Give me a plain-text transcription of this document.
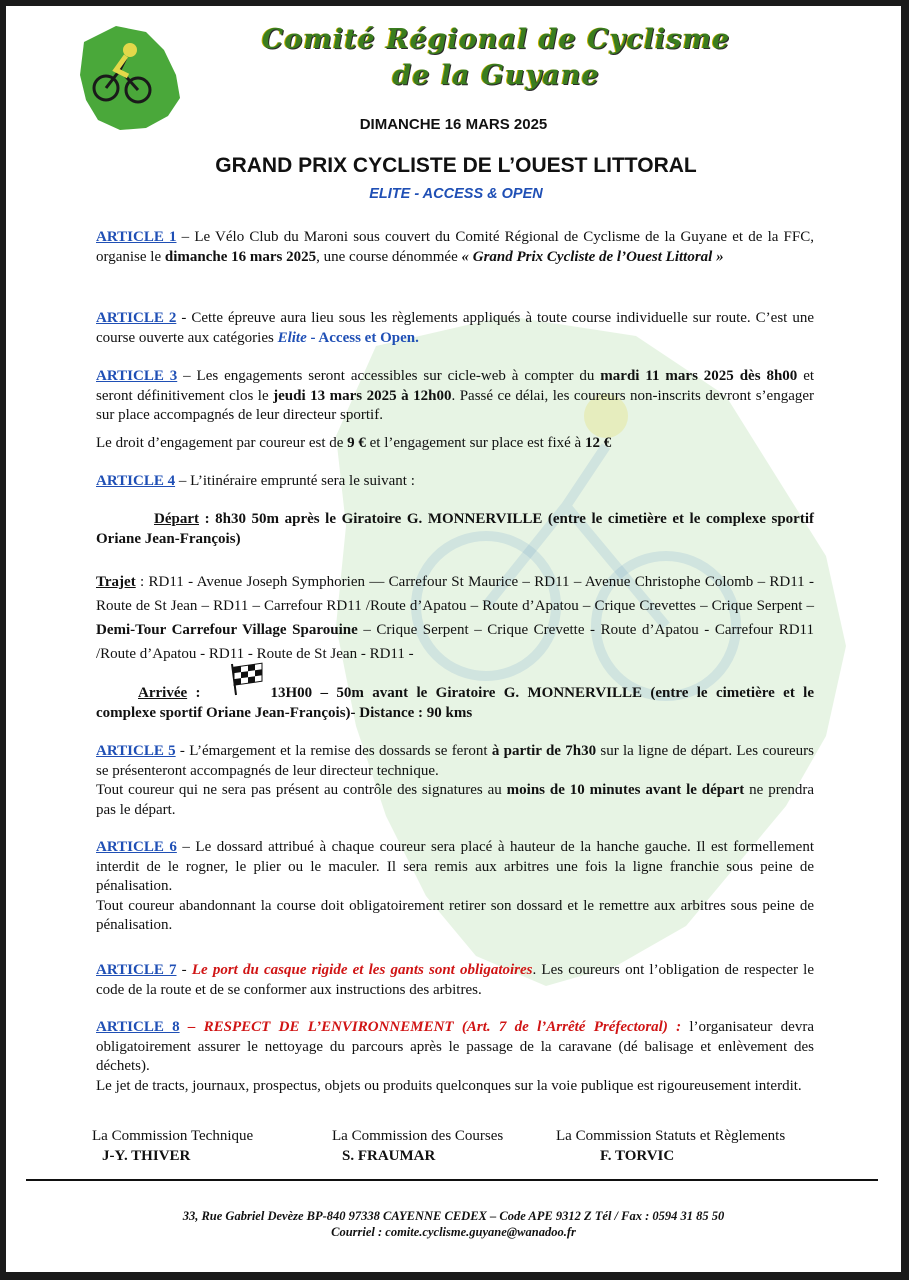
Comité Régional de Cyclisme
de la Guyane
DIMANCHE 16 MARS 2025
GRAND PRIX CYCLISTE DE L’OUEST LITTORAL
ELITE - ACCESS & OPEN
ARTICLE 1 – Le Vélo Club du Maroni sous couvert du Comité Régional de Cyclisme de la Guyane et de la FFC, organise le dimanche 16 mars 2025, une course dénommée « Grand Prix Cycliste de l’Ouest Littoral »
ARTICLE 2 - Cette épreuve aura lieu sous les règlements appliqués à toute course individuelle sur route. C’est une course ouverte aux catégories Elite - Access et Open.
ARTICLE 3 – Les engagements seront accessibles sur cicle-web à compter du mardi 11 mars 2025 dès 8h00 et seront définitivement clos le jeudi 13 mars 2025 à 12h00. Passé ce délai, les coureurs non-inscrits devront s’engager sur place accompagnés de leur directeur sportif.
Le droit d’engagement par coureur est de 9 € et l’engagement sur place est fixé à 12 €
ARTICLE 4 – L’itinéraire emprunté sera le suivant :
Départ : 8h30 50m après le Giratoire G. MONNERVILLE (entre le cimetière et le complexe sportif Oriane Jean-François)
Trajet : RD11 - Avenue Joseph Symphorien — Carrefour St Maurice – RD11 – Avenue Christophe Colomb – RD11 - Route de St Jean – RD11 – Carrefour RD11 /Route d’Apatou – Route d’Apatou – Crique Crevettes – Crique Serpent –Demi-Tour Carrefour Village Sparouine – Crique Serpent – Crique Crevette - Route d’Apatou - Carrefour RD11 /Route d’Apatou - RD11 - Route de St Jean - RD11 -
Arrivée :	13H00 – 50m avant le Giratoire G. MONNERVILLE (entre le cimetière et le complexe sportif Oriane Jean-François)- Distance : 90 kms
ARTICLE 5 - L’émargement et la remise des dossards se feront à partir de 7h30 sur la ligne de départ. Les coureurs se présenteront accompagnés de leur directeur technique.
Tout coureur qui ne sera pas présent au contrôle des signatures au moins de 10 minutes avant le départ ne prendra pas le départ.
ARTICLE 6 – Le dossard attribué à chaque coureur sera placé à hauteur de la hanche gauche. Il est formellement interdit de le rogner, le plier ou le maculer. Il sera remis aux arbitres une fois la ligne franchie sous peine de pénalisation.
Tout coureur abandonnant la course doit obligatoirement retirer son dossard et le remettre aux arbitres sous peine de pénalisation.
ARTICLE 7 - Le port du casque rigide et les gants sont obligatoires. Les coureurs ont l’obligation de respecter le code de la route et de se conformer aux instructions des arbitres.
ARTICLE 8 – RESPECT DE L’ENVIRONNEMENT (Art. 7 de l’Arrêté Préfectoral) : l’organisateur devra obligatoirement assurer le nettoyage du parcours après le passage de la caravane (dé balisage et enlèvement des déchets).
Le jet de tracts, journaux, prospectus, objets ou produits quelconques sur la voie publique est rigoureusement interdit.
La Commission Technique
J-Y. THIVER
La Commission des Courses
S. FRAUMAR
La Commission Statuts et Règlements
F. TORVIC
33, Rue Gabriel Devèze BP-840 97338 CAYENNE CEDEX – Code APE 9312 Z Tél / Fax : 0594 31 85 50
Courriel : comite.cyclisme.guyane@wanadoo.fr
